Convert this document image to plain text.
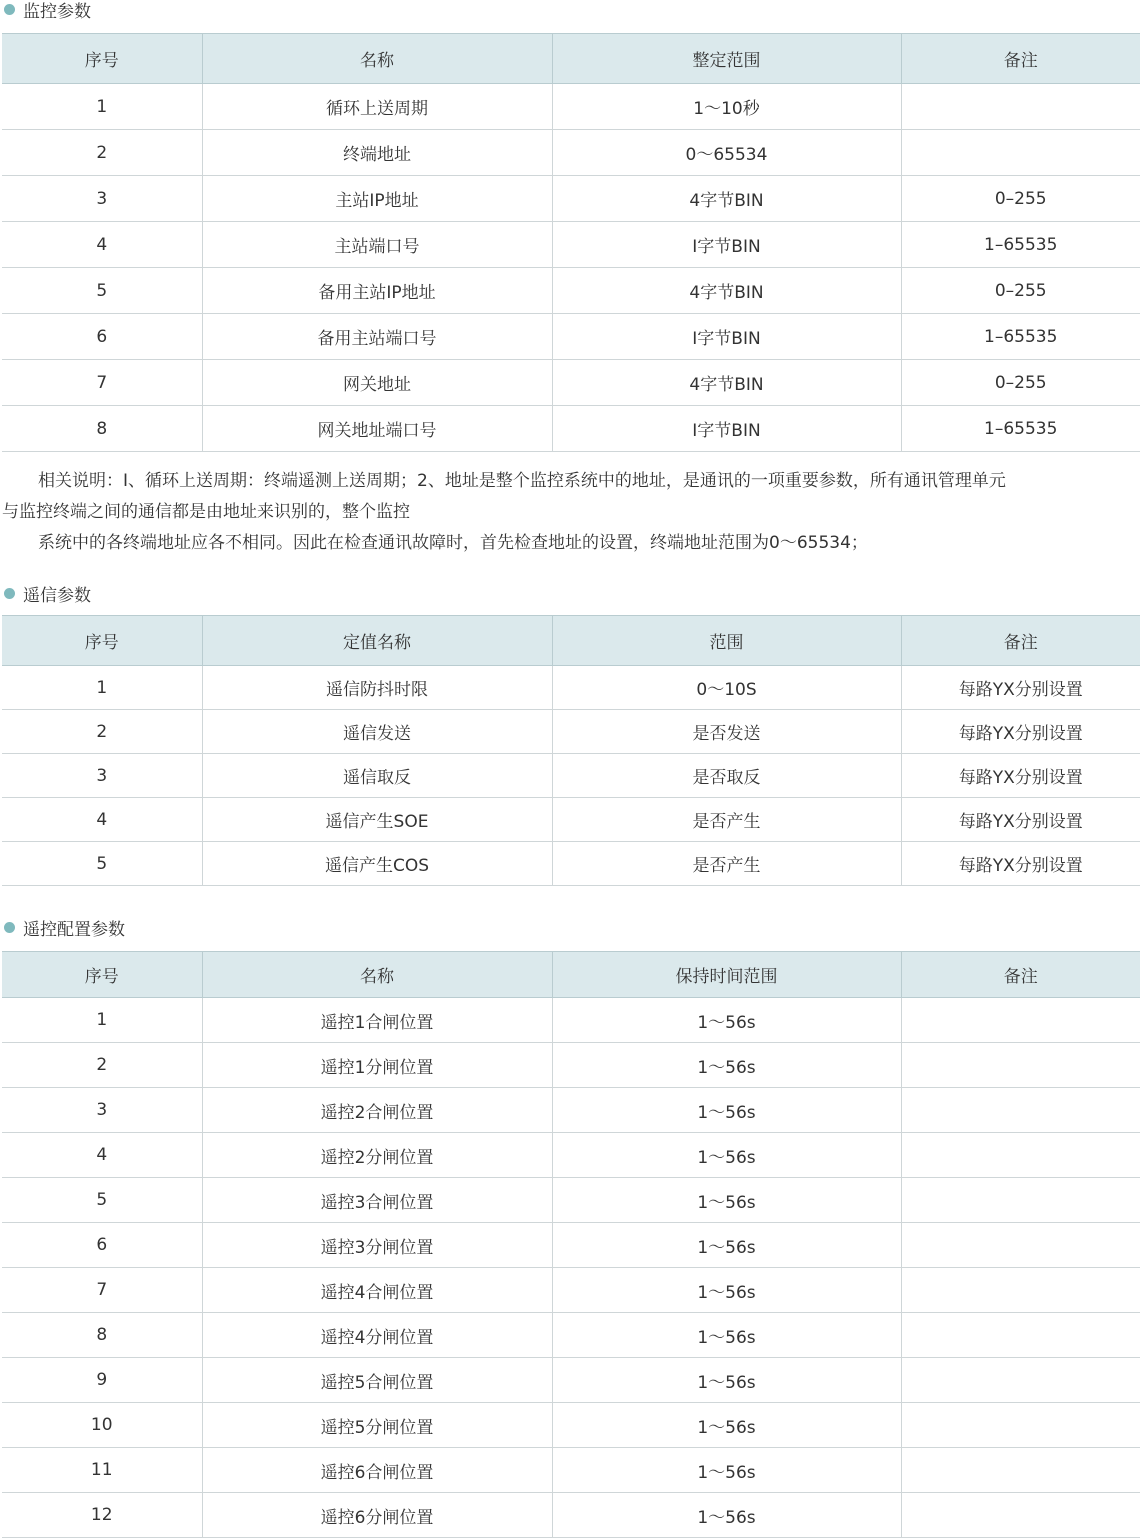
监控参数
序号	名称	整定范围	备注
1	循环上送周期	1～10秒	
2	终端地址	0～65534	
3	主站IP地址	4字节BIN	0–255
4	主站端口号	I字节BIN	1–65535
5	备用主站IP地址	4字节BIN	0–255
6	备用主站端口号	I字节BIN	1–65535
7	网关地址	4字节BIN	0–255
8	网关地址端口号	I字节BIN	1–65535

相关说明：I、循环上送周期：终端遥测上送周期；2、地址是整个监控系统中的地址，是通讯的一项重要参数，所有通讯管理单元

与监控终端之间的通信都是由地址来识别的，整个监控

系统中的各终端地址应各不相同。因此在检查通讯故障时，首先检查地址的设置，终端地址范围为0～65534；

遥信参数
序号	定值名称	范围	备注
1	遥信防抖时限	0～10S	每路YX分别设置
2	遥信发送	是否发送	每路YX分别设置
3	遥信取反	是否取反	每路YX分别设置
4	遥信产生SOE	是否产生	每路YX分别设置
5	遥信产生COS	是否产生	每路YX分别设置
遥控配置参数
序号	名称	保持时间范围	备注
1	遥控1合闸位置	1～56s	
2	遥控1分闸位置	1～56s	
3	遥控2合闸位置	1～56s	
4	遥控2分闸位置	1～56s	
5	遥控3合闸位置	1～56s	
6	遥控3分闸位置	1～56s	
7	遥控4合闸位置	1～56s	
8	遥控4分闸位置	1～56s	
9	遥控5合闸位置	1～56s	
10	遥控5分闸位置	1～56s	
11	遥控6合闸位置	1～56s	
12	遥控6分闸位置	1～56s	
